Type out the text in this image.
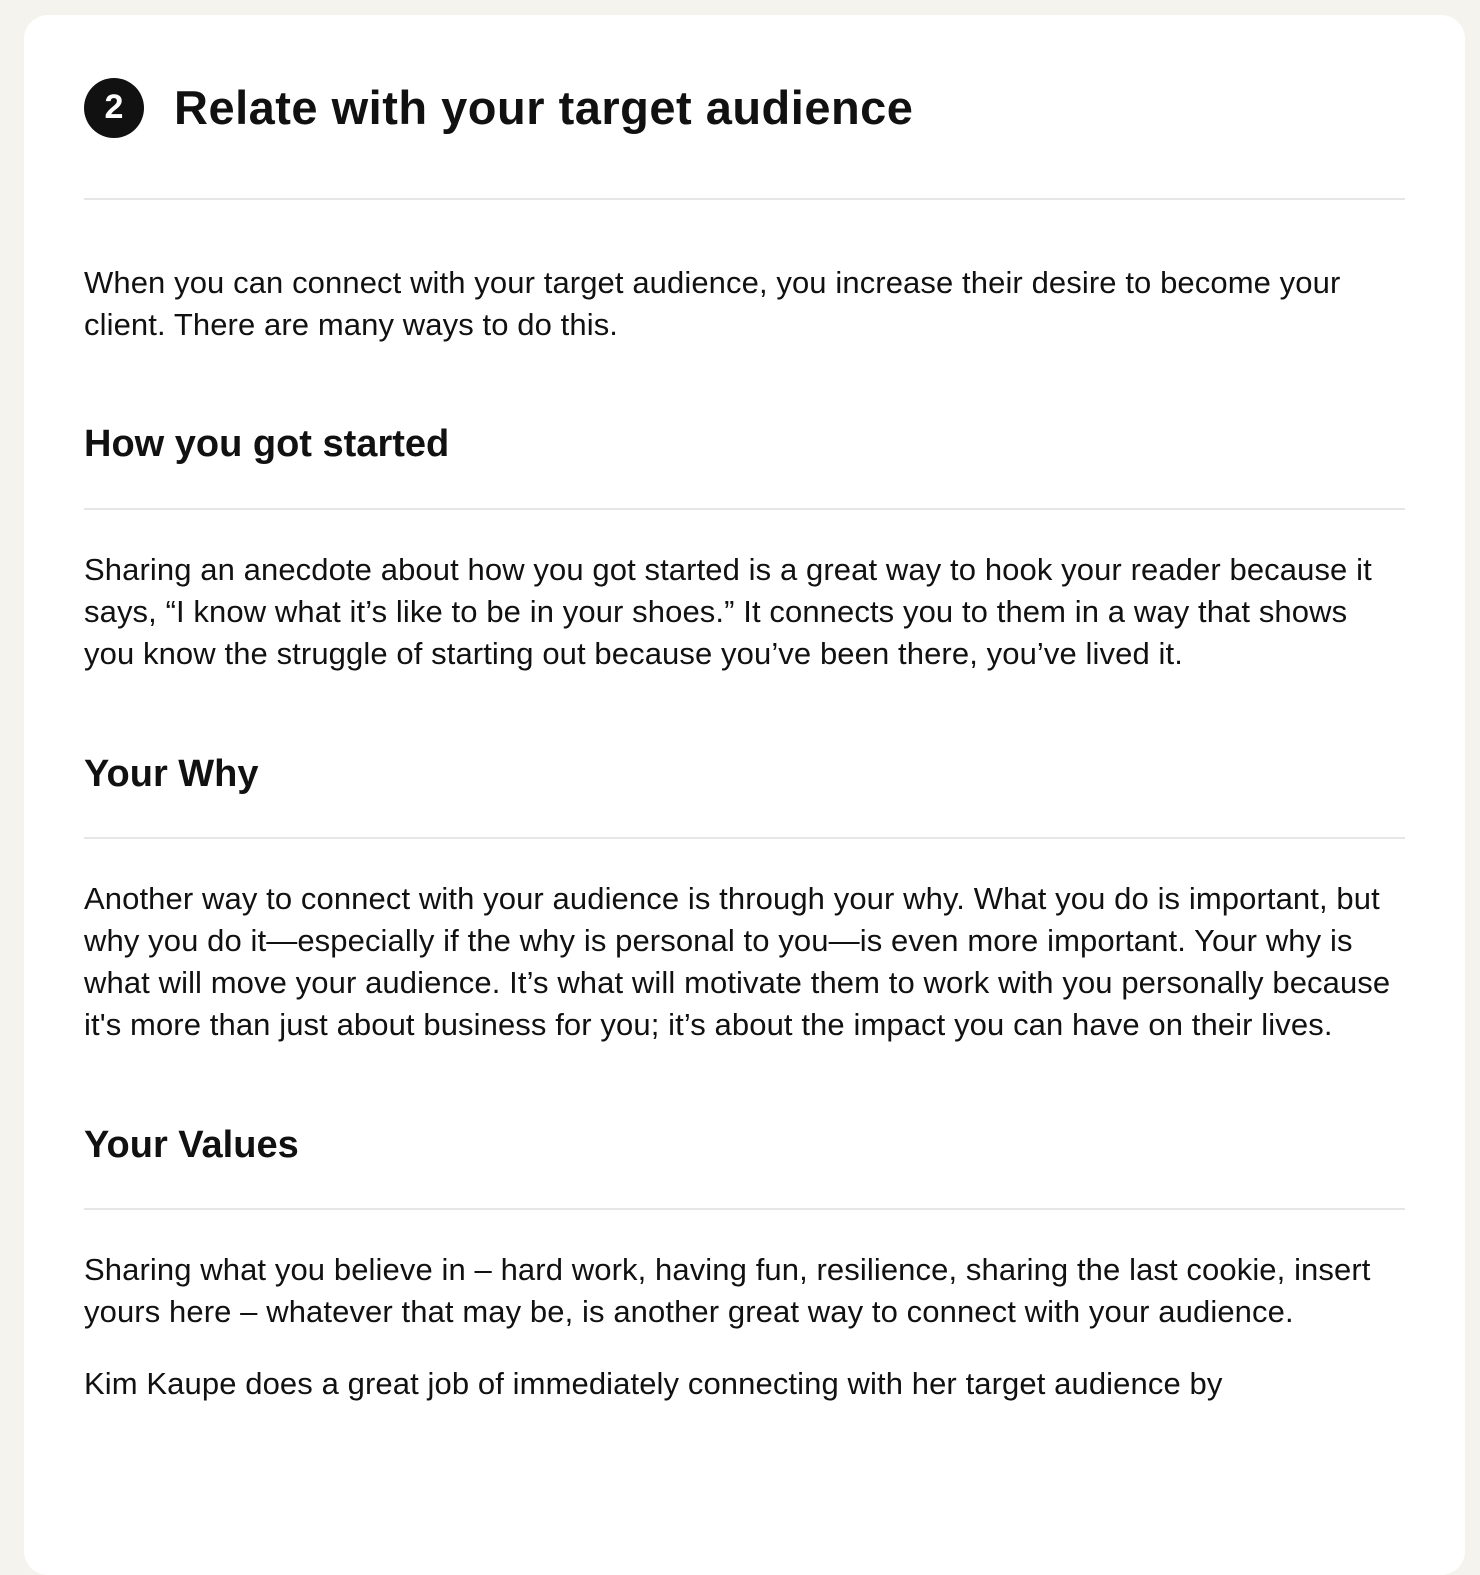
2	Relate with your target audience

When you can connect with your target audience, you increase their desire to become your client. There are many ways to do this.

How you got started

Sharing an anecdote about how you got started is a great way to hook your reader because it says, “I know what it’s like to be in your shoes.” It connects you to them in a way that shows you know the struggle of starting out because you’ve been there, you’ve lived it.

Your Why

Another way to connect with your audience is through your why. What you do is important, but why you do it—especially if the why is personal to you—is even more important. Your why is what will move your audience. It’s what will motivate them to work with you personally because it's more than just about business for you; it’s about the impact you can have on their lives.

Your Values

Sharing what you believe in – hard work, having fun, resilience, sharing the last cookie, insert yours here – whatever that may be, is another great way to connect with your audience.

Kim Kaupe does a great job of immediately connecting with her target audience by
